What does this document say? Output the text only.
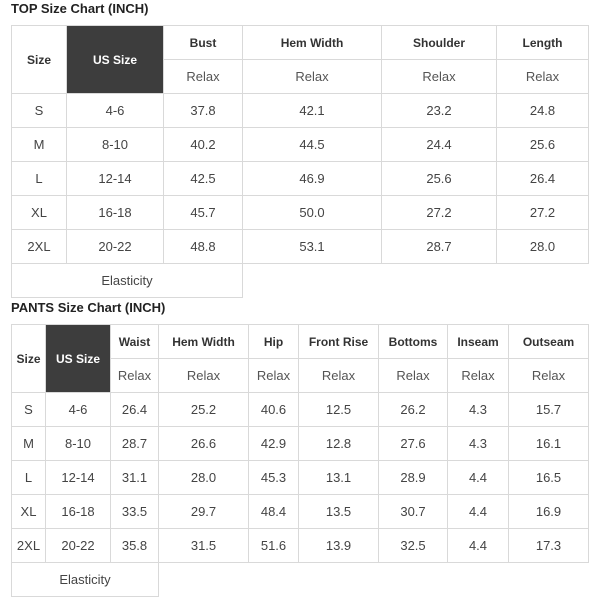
TOP Size Chart (INCH)
Size	US Size	Bust	Hem Width	Shoulder	Length
		Relax	Relax	Relax	Relax
S	4-6	37.8	42.1	23.2	24.8
M	8-10	40.2	44.5	24.4	25.6
L	12-14	42.5	46.9	25.6	26.4
XL	16-18	45.7	50.0	27.2	27.2
2XL	20-22	48.8	53.1	28.7	28.0
Elasticity					
PANTS Size Chart (INCH)
Size	US Size	Waist	Hem Width	Hip	Front Rise	Bottoms	Inseam	Outseam
		Relax	Relax	Relax	Relax	Relax	Relax	Relax
S	4-6	26.4	25.2	40.6	12.5	26.2	4.3	15.7
M	8-10	28.7	26.6	42.9	12.8	27.6	4.3	16.1
L	12-14	31.1	28.0	45.3	13.1	28.9	4.4	16.5
XL	16-18	33.5	29.7	48.4	13.5	30.7	4.4	16.9
2XL	20-22	35.8	31.5	51.6	13.9	32.5	4.4	17.3
Elasticity								
